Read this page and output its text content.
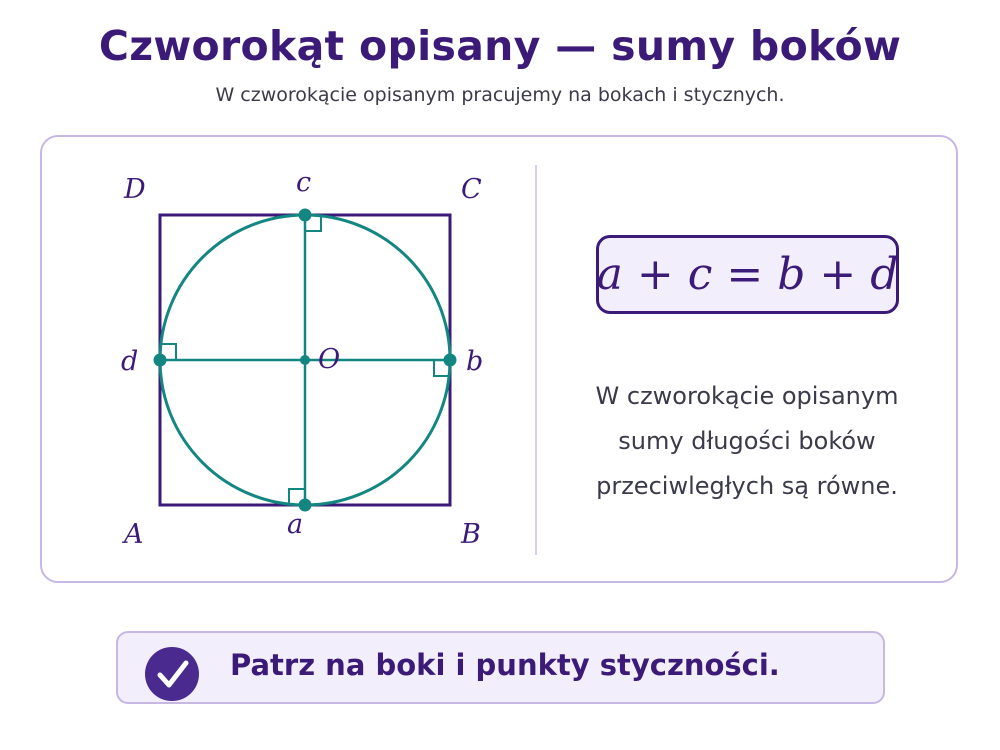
Czworokąt opisany — sumy boków
W czworokącie opisanym pracujemy na bokach i stycznych.
D	C
A	B
c
a
d	b
O
a + c = b + d
W czworokącie opisanym
sumy długości boków
przeciwległych są równe.
Patrz na boki i punkty styczności.
